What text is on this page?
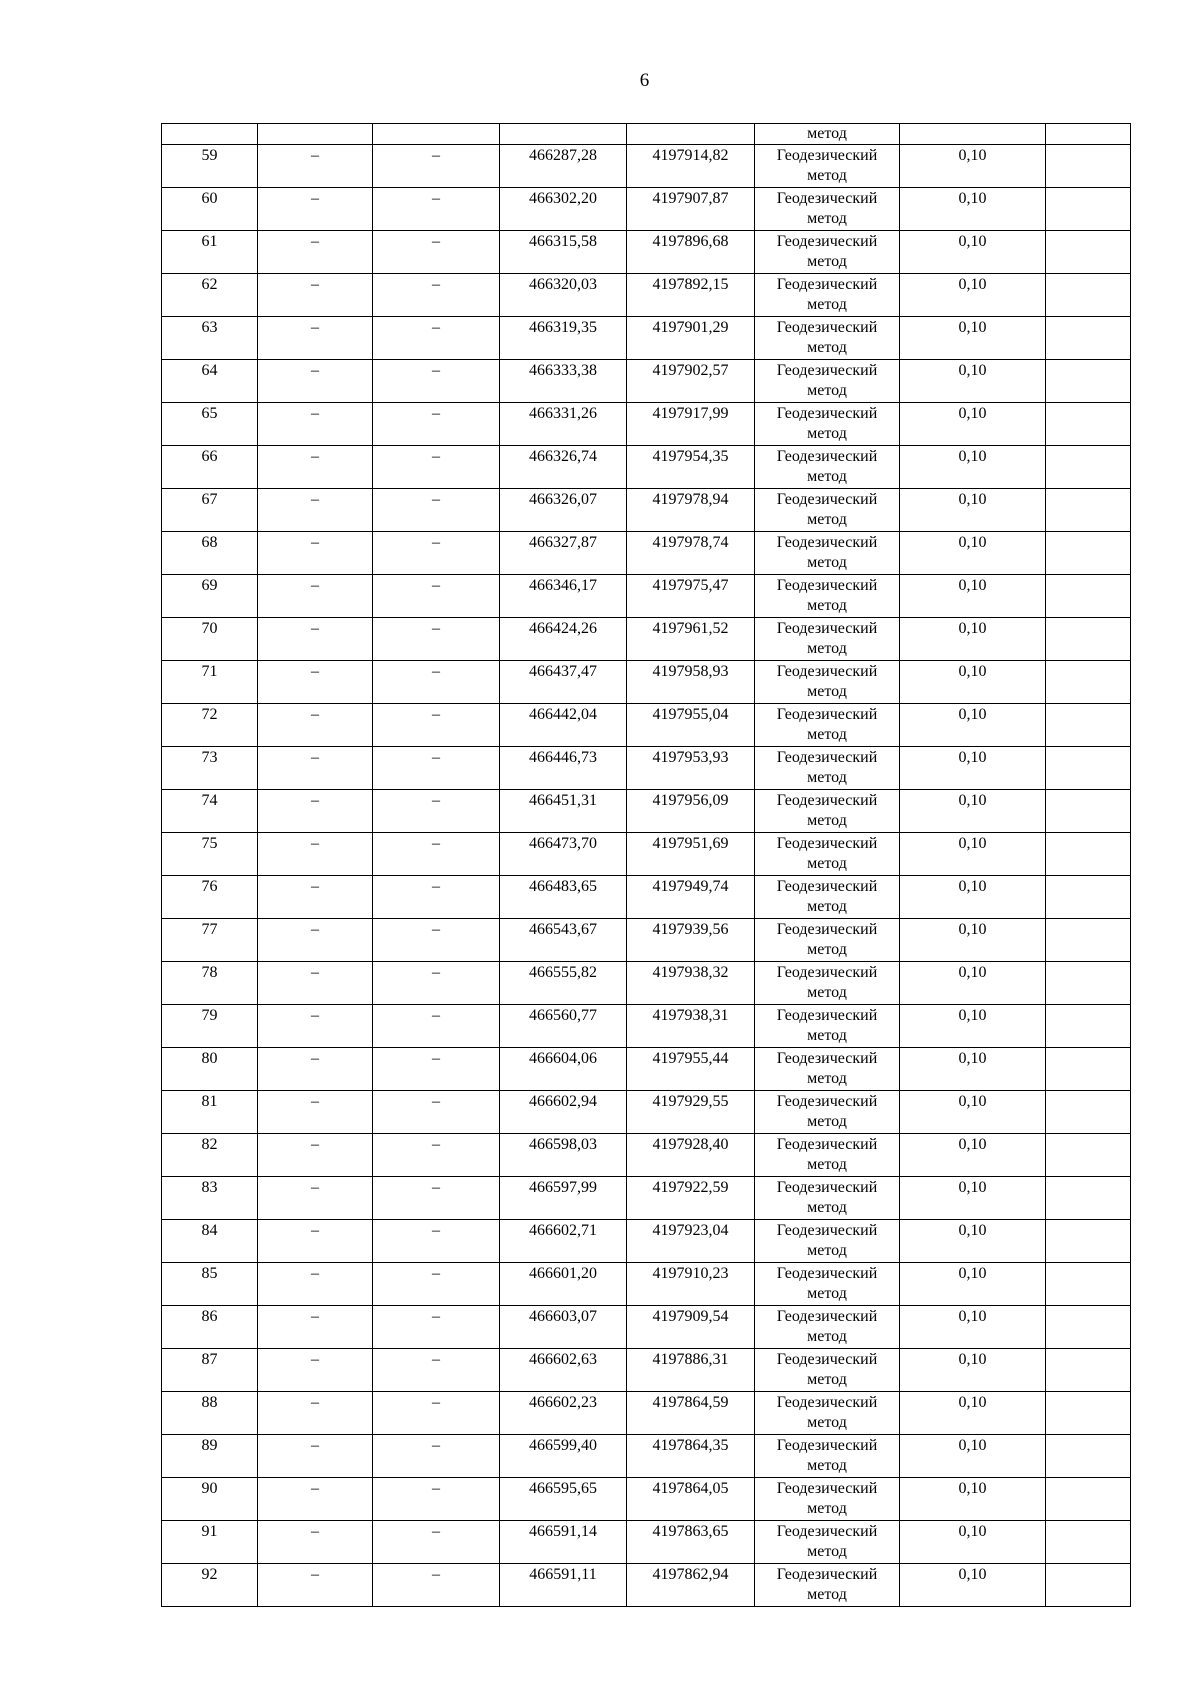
6
					метод		

59	–	–	466287,28	4197914,82	Геодезический
метод	0,10	

60	–	–	466302,20	4197907,87	Геодезический
метод	0,10	

61	–	–	466315,58	4197896,68	Геодезический
метод	0,10	

62	–	–	466320,03	4197892,15	Геодезический
метод	0,10	

63	–	–	466319,35	4197901,29	Геодезический
метод	0,10	

64	–	–	466333,38	4197902,57	Геодезический
метод	0,10	

65	–	–	466331,26	4197917,99	Геодезический
метод	0,10	

66	–	–	466326,74	4197954,35	Геодезический
метод	0,10	

67	–	–	466326,07	4197978,94	Геодезический
метод	0,10	

68	–	–	466327,87	4197978,74	Геодезический
метод	0,10	

69	–	–	466346,17	4197975,47	Геодезический
метод	0,10	

70	–	–	466424,26	4197961,52	Геодезический
метод	0,10	

71	–	–	466437,47	4197958,93	Геодезический
метод	0,10	

72	–	–	466442,04	4197955,04	Геодезический
метод	0,10	

73	–	–	466446,73	4197953,93	Геодезический
метод	0,10	

74	–	–	466451,31	4197956,09	Геодезический
метод	0,10	

75	–	–	466473,70	4197951,69	Геодезический
метод	0,10	

76	–	–	466483,65	4197949,74	Геодезический
метод	0,10	

77	–	–	466543,67	4197939,56	Геодезический
метод	0,10	

78	–	–	466555,82	4197938,32	Геодезический
метод	0,10	

79	–	–	466560,77	4197938,31	Геодезический
метод	0,10	

80	–	–	466604,06	4197955,44	Геодезический
метод	0,10	

81	–	–	466602,94	4197929,55	Геодезический
метод	0,10	

82	–	–	466598,03	4197928,40	Геодезический
метод	0,10	

83	–	–	466597,99	4197922,59	Геодезический
метод	0,10	

84	–	–	466602,71	4197923,04	Геодезический
метод	0,10	

85	–	–	466601,20	4197910,23	Геодезический
метод	0,10	

86	–	–	466603,07	4197909,54	Геодезический
метод	0,10	

87	–	–	466602,63	4197886,31	Геодезический
метод	0,10	

88	–	–	466602,23	4197864,59	Геодезический
метод	0,10	

89	–	–	466599,40	4197864,35	Геодезический
метод	0,10	

90	–	–	466595,65	4197864,05	Геодезический
метод	0,10	

91	–	–	466591,14	4197863,65	Геодезический
метод	0,10	

92	–	–	466591,11	4197862,94	Геодезический
метод	0,10	
